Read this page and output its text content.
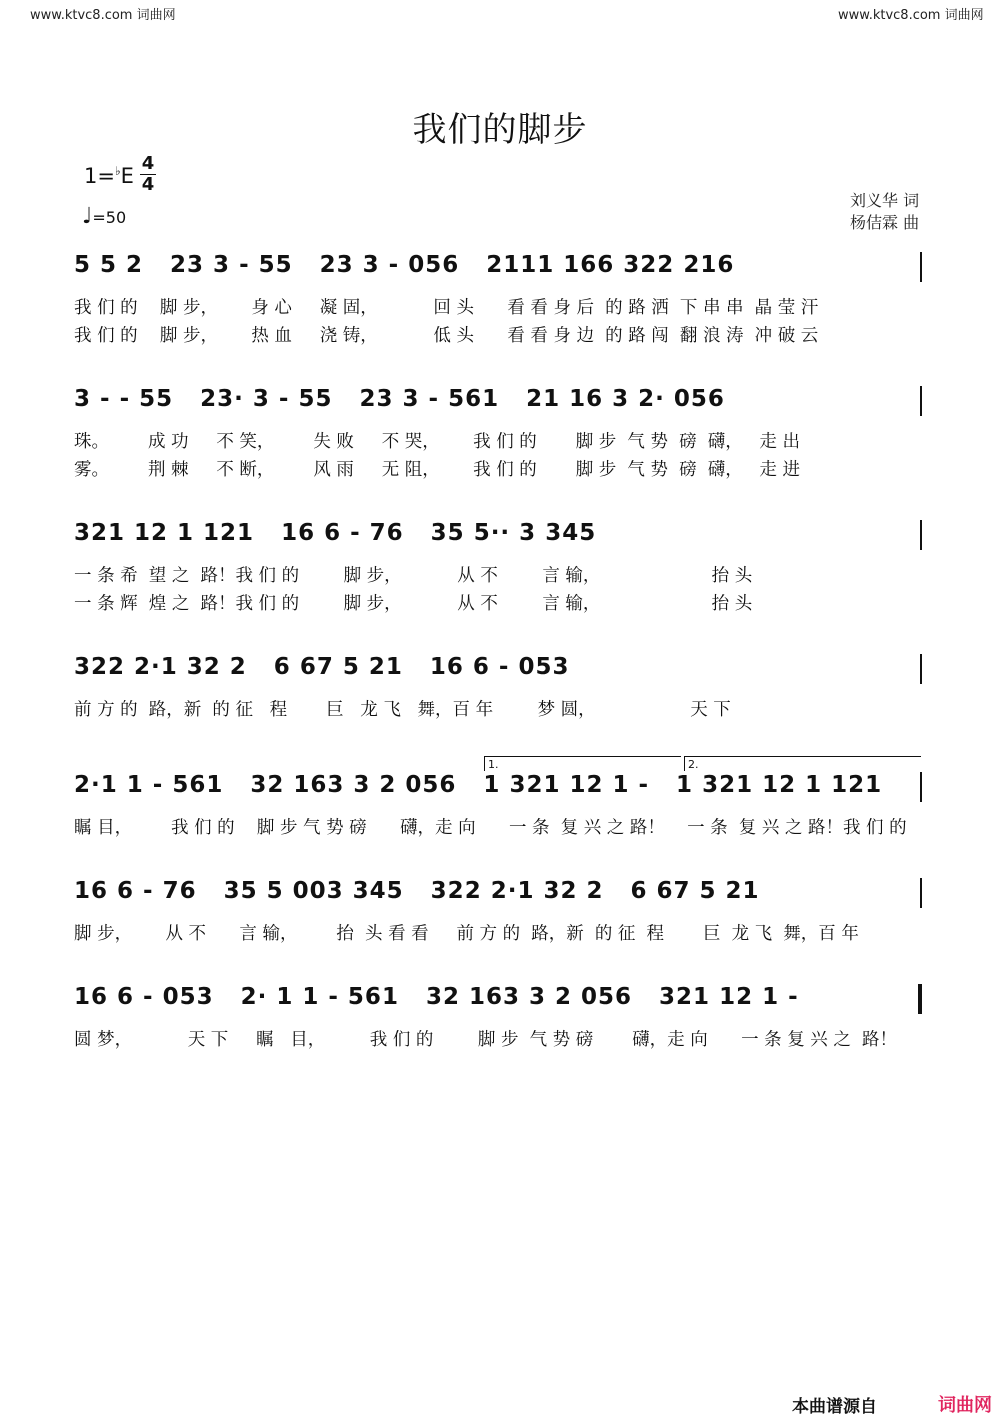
www.ktvc8.com 词曲网	www.ktvc8.com 词曲网
我们的脚步
1=♭E
4
4
♩=50
刘义华 词
杨佶霖 曲
5 5 2   23 3 - 55   23 3 - 056   2111 166 322 216
我 们 的    脚 步，      身 心     凝 固，          回 头      看 看 身 后  的 路 洒  下 串 串  晶 莹 汗
我 们 的    脚 步，      热 血     浇 铸，          低 头      看 看 身 边  的 路 闯  翻 浪 涛  冲 破 云
3 - - 55   23· 3 - 55   23 3 - 561   21 16 3 2· 056
珠。       成 功     不 笑，       失 败     不 哭，      我 们 的       脚 步  气 势  磅  礴，   走 出
雾。       荆 棘     不 断，       风 雨     无 阻，      我 们 的       脚 步  气 势  磅  礴，   走 进
321 12 1 121   16 6 - 76   35 5·· 3 345
一 条 希  望 之  路！我 们 的        脚 步，          从 不        言 输，                    抬 头
一 条 辉  煌 之  路！我 们 的        脚 步，          从 不        言 输，                    抬 头
322 2·1 32 2   6 67 5 21   16 6 - 053
前 方 的  路，新  的 征   程       巨   龙 飞   舞，百 年        梦 圆，                 天 下
1.	2.
2·1 1 - 561   32 163 3 2 056   1 321 12 1 -   1 321 12 1 121
瞩 目，       我 们 的    脚 步 气 势 磅      礴，走 向      一 条  复 兴 之 路！    一 条  复 兴 之 路！我 们 的
16 6 - 76   35 5 003 345   322 2·1 32 2   6 67 5 21
脚 步，      从 不      言 输，       抬  头 看 看     前 方 的  路，新  的 征  程       巨  龙 飞  舞，百 年
16 6 - 053   2· 1 1 - 561   32 163 3 2 056   321 12 1 -
圆 梦，          天 下     瞩   目，        我 们 的        脚 步  气 势 磅       礴，走 向      一 条 复 兴 之  路！
本曲谱源自	词曲网
